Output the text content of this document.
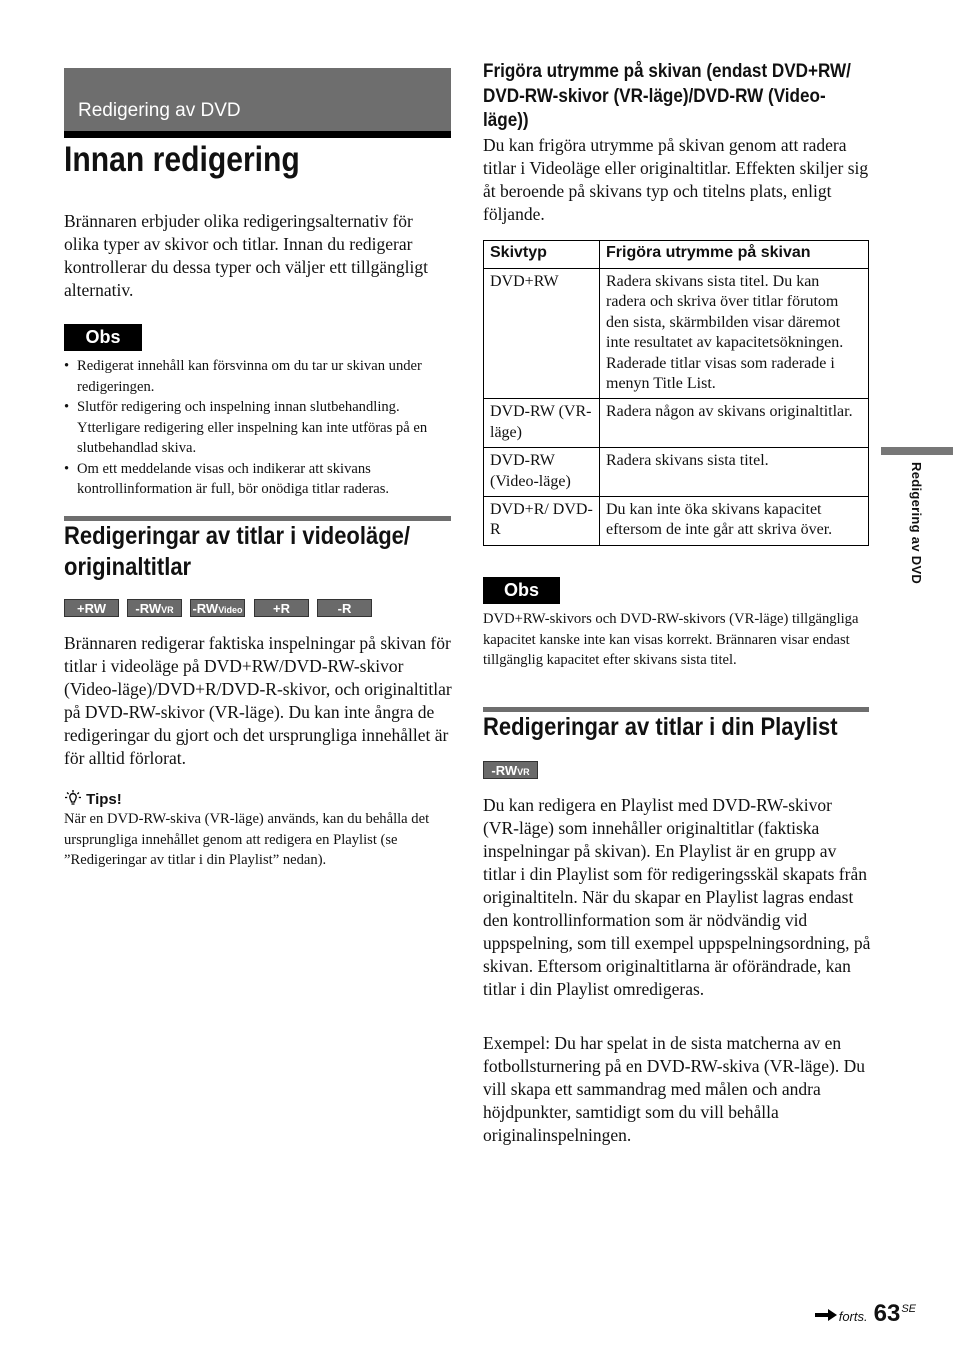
Redigering av DVD
Innan redigering
Brännaren erbjuder olika redigeringsalternativ för olika typer av skivor och titlar. Innan du redigerar kontrollerar du dessa typer och väljer ett tillgängligt alternativ.
Obs
• Redigerat innehåll kan försvinna om du tar ur skivan under redigeringen.
• Slutför redigering och inspelning innan slutbehandling. Ytterligare redigering eller inspelning kan inte utföras på en slutbehandlad skiva.
• Om ett meddelande visas och indikerar att skivans kontrollinformation är full, bör onödiga titlar raderas.
Redigeringar av titlar i videoläge/ originaltitlar
+RW	-RWVR	-RWVideo	+R	-R
Brännaren redigerar faktiska inspelningar på skivan för titlar i videoläge på DVD+RW/DVD-RW-skivor (Video-läge)/DVD+R/DVD-R-skivor, och originaltitlar på DVD-RW-skivor (VR-läge). Du kan inte ångra de redigeringar du gjort och det ursprungliga innehållet är för alltid förlorat.
Tips!
När en DVD-RW-skiva (VR-läge) används, kan du behålla det ursprungliga innehållet genom att redigera en Playlist (se ”Redigeringar av titlar i din Playlist” nedan).
Frigöra utrymme på skivan (endast DVD+RW/ DVD-RW-skivor (VR-läge)/DVD-RW (Video-läge))
Du kan frigöra utrymme på skivan genom att radera titlar i Videoläge eller originaltitlar. Effekten skiljer sig åt beroende på skivans typ och titelns plats, enligt följande.
Skivtyp	Frigöra utrymme på skivan
DVD+RW	Radera skivans sista titel. Du kan radera och skriva över titlar förutom den sista, skärmbilden visar däremot inte resultatet av kapacitetsökningen. Raderade titlar visas som raderade i menyn Title List.
DVD-RW (VR-läge)	Radera någon av skivans originaltitlar.
DVD-RW (Video-läge)	Radera skivans sista titel.
DVD+R/ DVD-R	Du kan inte öka skivans kapacitet eftersom de inte går att skriva över.
Obs
DVD+RW-skivors och DVD-RW-skivors (VR-läge) tillgängliga kapacitet kanske inte kan visas korrekt. Brännaren visar endast tillgänglig kapacitet efter skivans sista titel.
Redigeringar av titlar i din Playlist
-RWVR
Du kan redigera en Playlist med DVD-RW-skivor (VR-läge) som innehåller originaltitlar (faktiska inspelningar på skivan). En Playlist är en grupp av titlar i din Playlist som för redigeringsskäl skapats från originaltiteln. När du skapar en Playlist lagras endast den kontrollinformation som är nödvändig vid uppspelning, som till exempel uppspelningsordning, på skivan. Eftersom originaltitlarna är oförändrade, kan titlar i din Playlist omredigeras.
Exempel: Du har spelat in de sista matcherna av en fotbollsturnering på en DVD-RW-skiva (VR-läge). Du vill skapa ett sammandrag med målen och andra höjdpunkter, samtidigt som du vill behålla originalinspelningen.
Redigering av DVD
forts. 63 SE
